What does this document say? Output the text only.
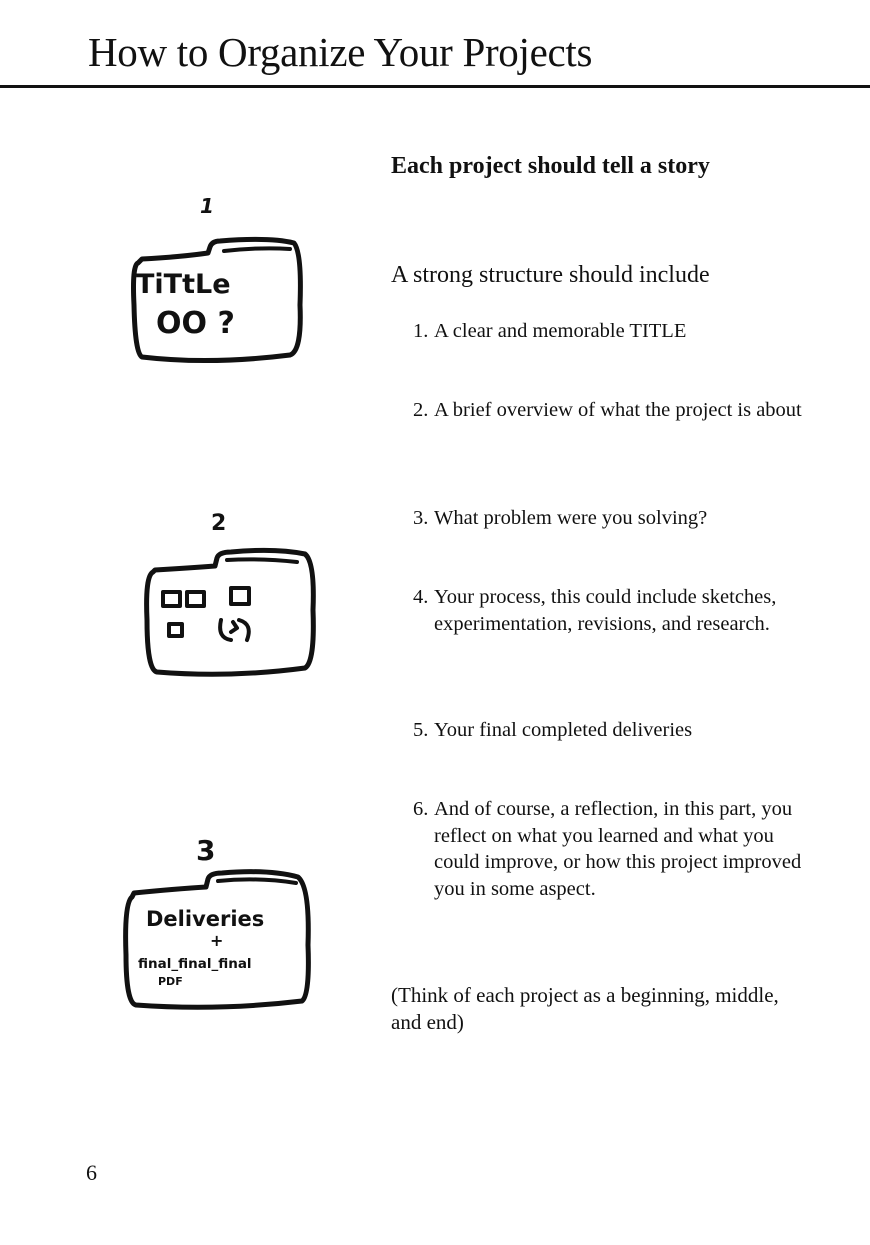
How to Organize Your Projects
1
TiTtLe
OO ?
2
3
Deliveries
+
final_final_final
PDF
Each project should tell a story

A strong structure should include

1. A clear and memorable TITLE
2. A brief overview of what the project is about
3. What problem were you solving?
4. Your process, this could include sketches, experimentation, revisions, and research.
5. Your final completed deliveries
6. And of course, a reflection, in this part, you reflect on what you learned and what you could improve, or how this project improved you in some aspect.

(Think of each project as a beginning, middle, and end)

6
